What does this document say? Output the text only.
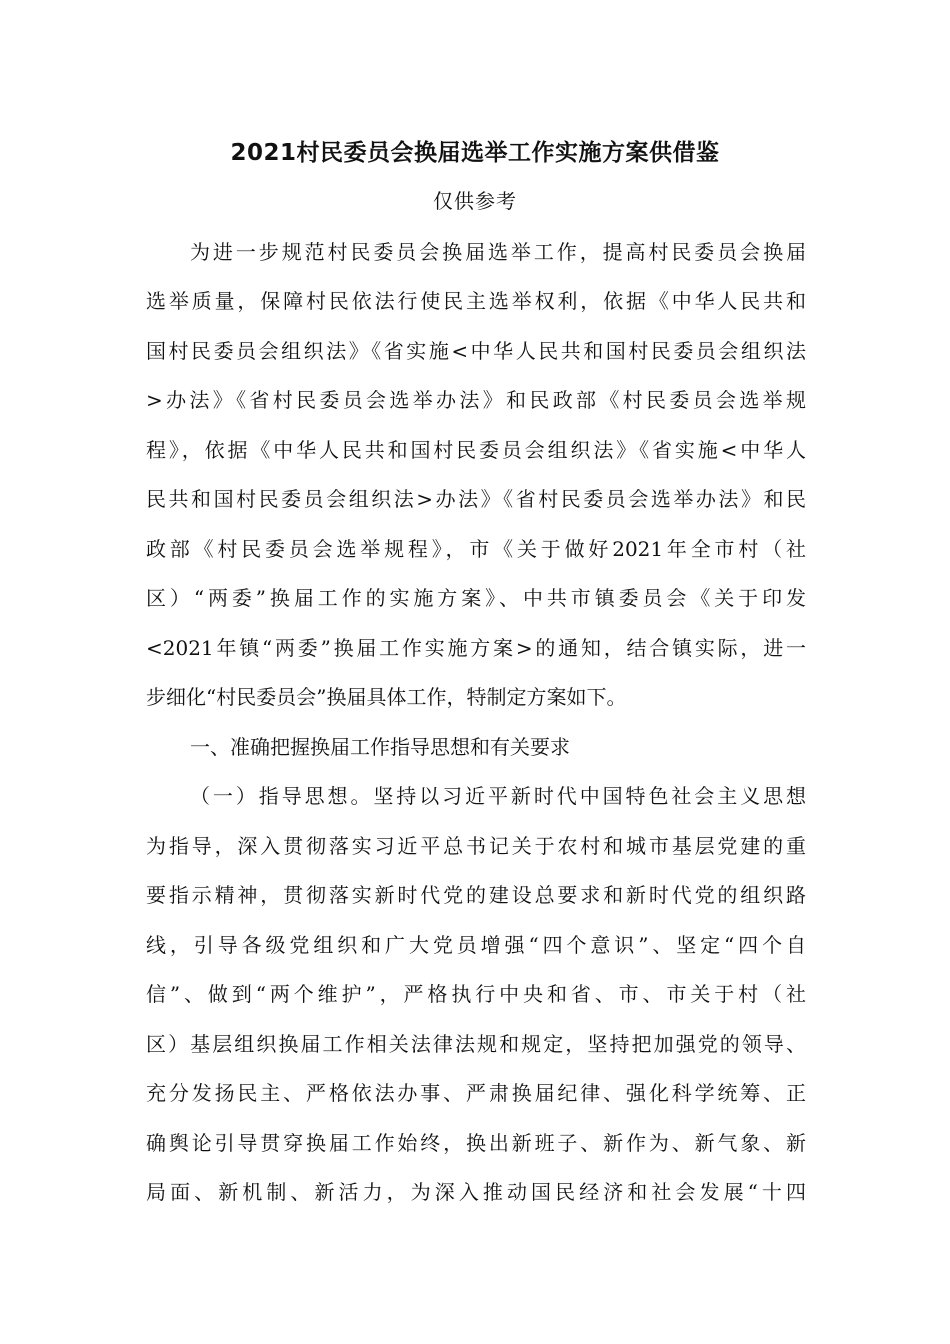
2021村民委员会换届选举工作实施方案供借鉴
仅供参考
为进一步规范村民委员会换届选举工作，提高村民委员会换届
选举质量，保障村民依法行使民主选举权利，依据《中华人民共和
国村民委员会组织法》《省实施<中华人民共和国村民委员会组织法
>办法》《省村民委员会选举办法》和民政部《村民委员会选举规
程》，依据《中华人民共和国村民委员会组织法》《省实施<中华人
民共和国村民委员会组织法>办法》《省村民委员会选举办法》和民
政部《村民委员会选举规程》，市《关于做好2021年全市村（社
区）“两委”换届工作的实施方案》、中共市镇委员会《关于印发
<2021年镇“两委”换届工作实施方案>的通知，结合镇实际，进一
步细化“村民委员会”换届具体工作，特制定方案如下。
一、准确把握换届工作指导思想和有关要求
（一）指导思想。坚持以习近平新时代中国特色社会主义思想
为指导，深入贯彻落实习近平总书记关于农村和城市基层党建的重
要指示精神，贯彻落实新时代党的建设总要求和新时代党的组织路
线，引导各级党组织和广大党员增强“四个意识”、坚定“四个自
信”、做到“两个维护”，严格执行中央和省、市、市关于村（社
区）基层组织换届工作相关法律法规和规定，坚持把加强党的领导、
充分发扬民主、严格依法办事、严肃换届纪律、强化科学统筹、正
确舆论引导贯穿换届工作始终，换出新班子、新作为、新气象、新
局面、新机制、新活力，为深入推动国民经济和社会发展“十四
